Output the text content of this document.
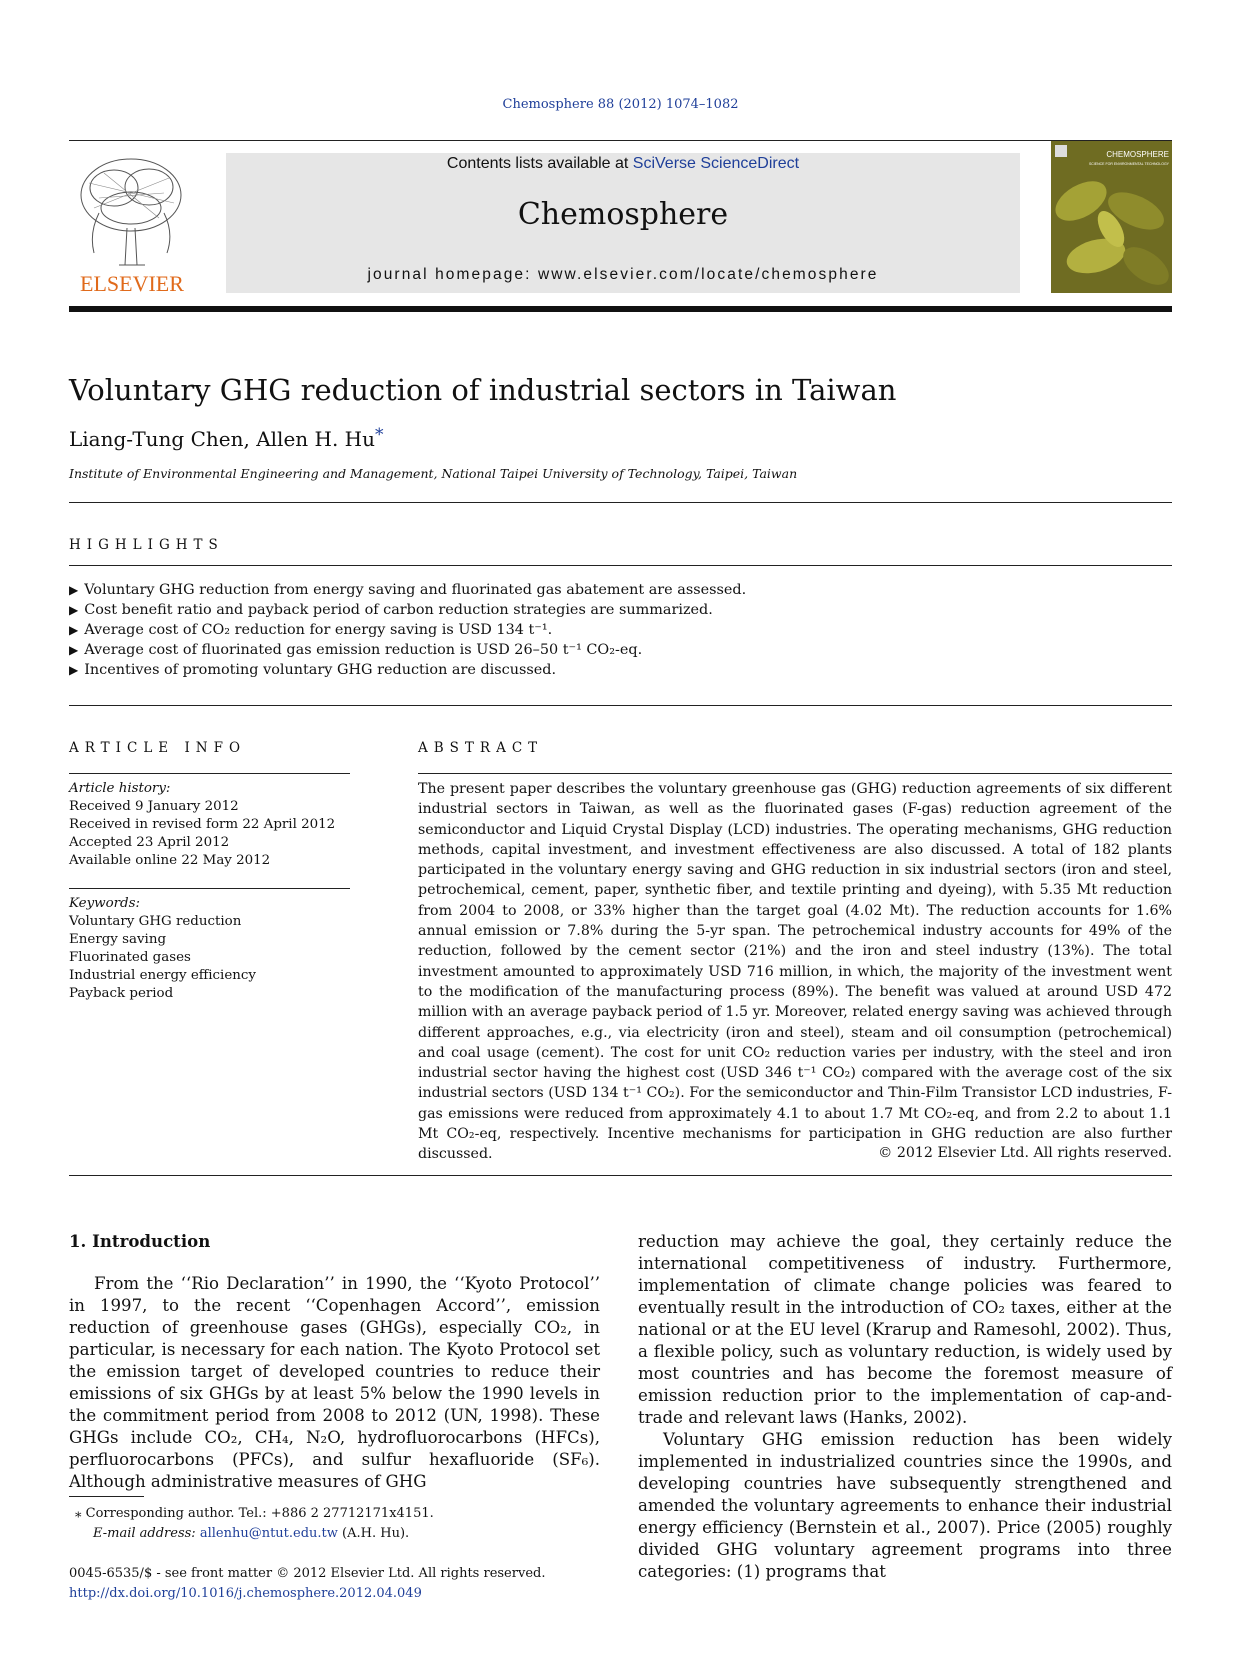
Chemosphere 88 (2012) 1074–1082
ELSEVIER
Contents lists available at SciVerse ScienceDirect
Chemosphere
journal homepage: www.elsevier.com/locate/chemosphere
CHEMOSPHERE
SCIENCE FOR ENVIRONMENTAL TECHNOLOGY
Voluntary GHG reduction of industrial sectors in Taiwan
Liang-Tung Chen, Allen H. Hu*
Institute of Environmental Engineering and Management, National Taipei University of Technology, Taipei, Taiwan
HIGHLIGHTS
▶ Voluntary GHG reduction from energy saving and fluorinated gas abatement are assessed.
▶ Cost benefit ratio and payback period of carbon reduction strategies are summarized.
▶ Average cost of CO₂ reduction for energy saving is USD 134 t⁻¹.
▶ Average cost of fluorinated gas emission reduction is USD 26–50 t⁻¹ CO₂-eq.
▶ Incentives of promoting voluntary GHG reduction are discussed.
ARTICLE INFO
Article history:
Received 9 January 2012
Received in revised form 22 April 2012
Accepted 23 April 2012
Available online 22 May 2012
Keywords:
Voluntary GHG reduction
Energy saving
Fluorinated gases
Industrial energy efficiency
Payback period
ABSTRACT
The present paper describes the voluntary greenhouse gas (GHG) reduction agreements of six different industrial sectors in Taiwan, as well as the fluorinated gases (F-gas) reduction agreement of the semiconductor and Liquid Crystal Display (LCD) industries. The operating mechanisms, GHG reduction methods, capital investment, and investment effectiveness are also discussed. A total of 182 plants participated in the voluntary energy saving and GHG reduction in six industrial sectors (iron and steel, petrochemical, cement, paper, synthetic fiber, and textile printing and dyeing), with 5.35 Mt reduction from 2004 to 2008, or 33% higher than the target goal (4.02 Mt). The reduction accounts for 1.6% annual emission or 7.8% during the 5-yr span. The petrochemical industry accounts for 49% of the reduction, followed by the cement sector (21%) and the iron and steel industry (13%). The total investment amounted to approximately USD 716 million, in which, the majority of the investment went to the modification of the manufacturing process (89%). The benefit was valued at around USD 472 million with an average payback period of 1.5 yr. Moreover, related energy saving was achieved through different approaches, e.g., via electricity (iron and steel), steam and oil consumption (petrochemical) and coal usage (cement). The cost for unit CO₂ reduction varies per industry, with the steel and iron industrial sector having the highest cost (USD 346 t⁻¹ CO₂) compared with the average cost of the six industrial sectors (USD 134 t⁻¹ CO₂). For the semiconductor and Thin-Film Transistor LCD industries, F-gas emissions were reduced from approximately 4.1 to about 1.7 Mt CO₂-eq, and from 2.2 to about 1.1 Mt CO₂-eq, respectively. Incentive mechanisms for participation in GHG reduction are also further discussed.	© 2012 Elsevier Ltd. All rights reserved.
1. Introduction

From the ‘‘Rio Declaration’’ in 1990, the ‘‘Kyoto Protocol’’ in 1997, to the recent ‘‘Copenhagen Accord’’, emission reduction of greenhouse gases (GHGs), especially CO₂, in particular, is necessary for each nation. The Kyoto Protocol set the emission target of developed countries to reduce their emissions of six GHGs by at least 5% below the 1990 levels in the commitment period from 2008 to 2012 (UN, 1998). These GHGs include CO₂, CH₄, N₂O, hydrofluorocarbons (HFCs), perfluorocarbons (PFCs), and sulfur hexafluoride (SF₆). Although administrative measures of GHG

reduction may achieve the goal, they certainly reduce the international competitiveness of industry. Furthermore, implementation of climate change policies was feared to eventually result in the introduction of CO₂ taxes, either at the national or at the EU level (Krarup and Ramesohl, 2002). Thus, a flexible policy, such as voluntary reduction, is widely used by most countries and has become the foremost measure of emission reduction prior to the implementation of cap-and-trade and relevant laws (Hanks, 2002).

Voluntary GHG emission reduction has been widely implemented in industrialized countries since the 1990s, and developing countries have subsequently strengthened and amended the voluntary agreements to enhance their industrial energy efficiency (Bernstein et al., 2007). Price (2005) roughly divided GHG voluntary agreement programs into three categories: (1) programs that

⁎ Corresponding author. Tel.: +886 2 27712171x4151.
E-mail address: allenhu@ntut.edu.tw (A.H. Hu).
0045-6535/$ - see front matter © 2012 Elsevier Ltd. All rights reserved.
http://dx.doi.org/10.1016/j.chemosphere.2012.04.049
